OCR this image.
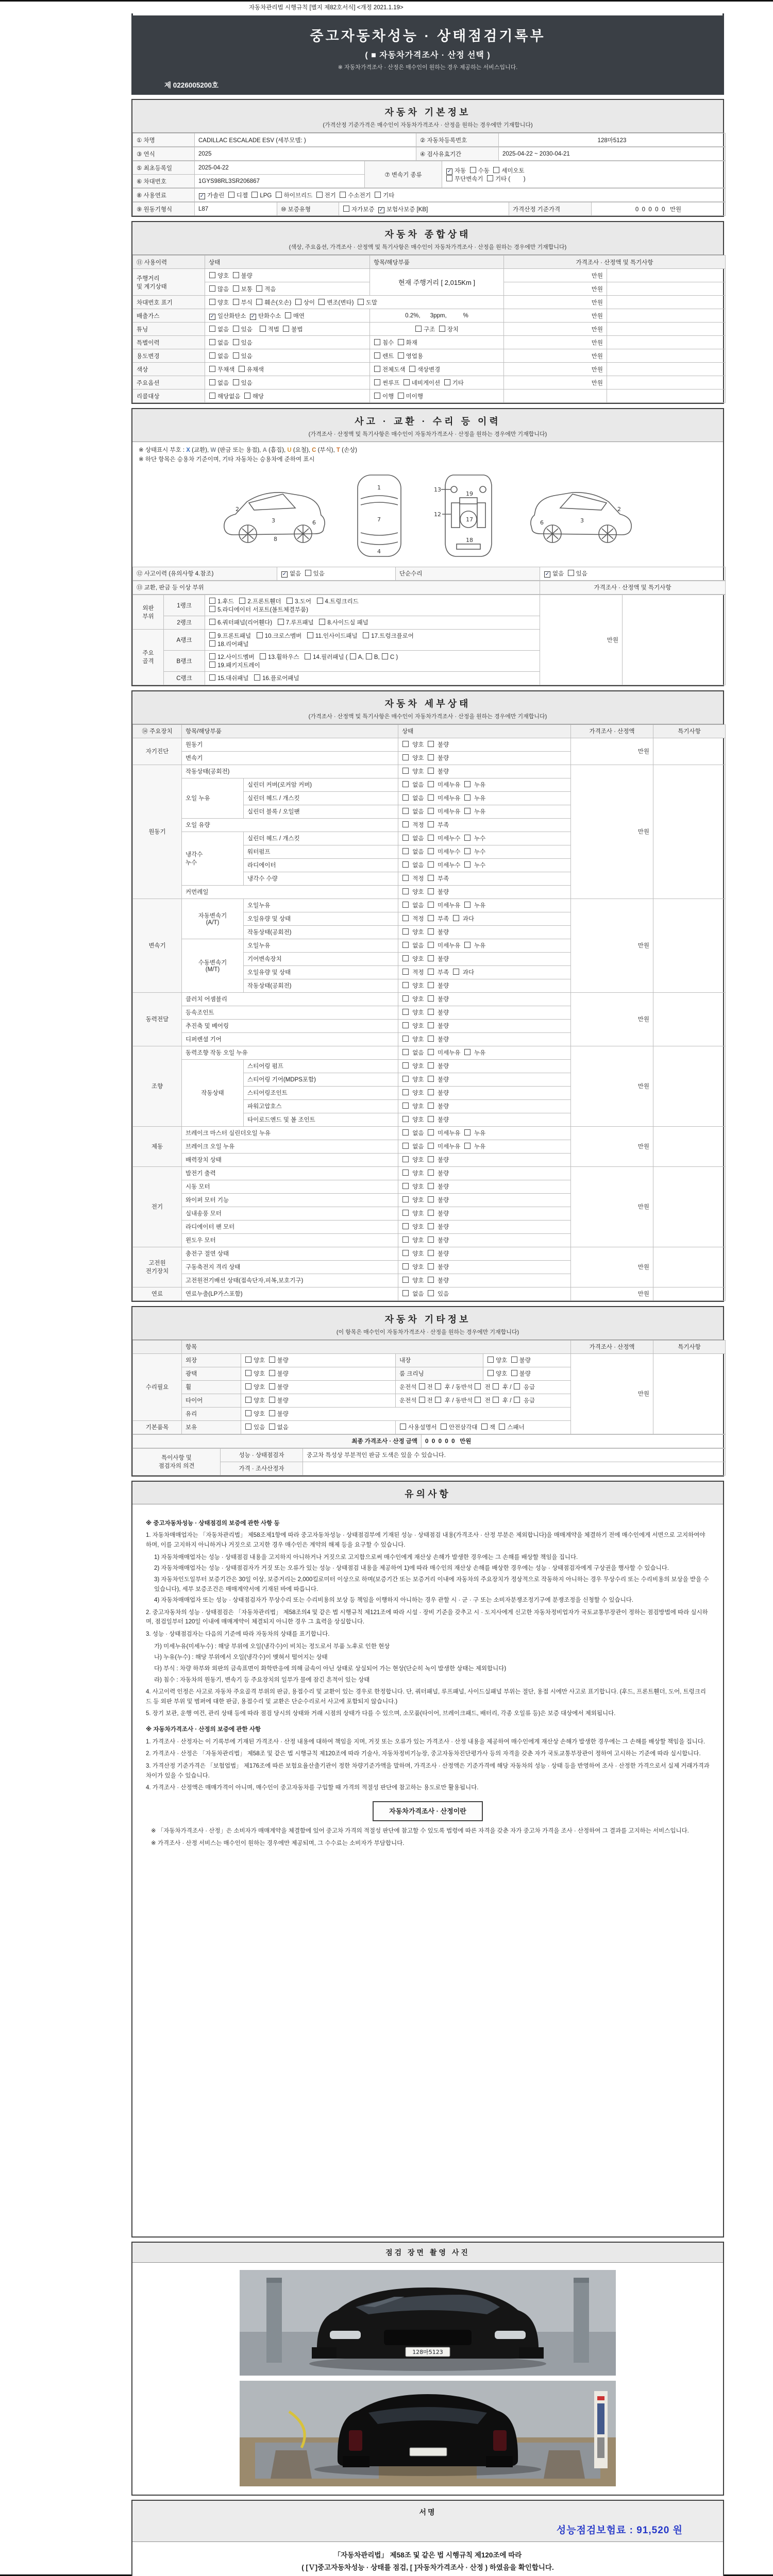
자동차관리법 시행규칙 [별지 제82호서식] <개정 2021.1.19>
중고자동차성능 · 상태점검기록부
( ■ 자동차가격조사 · 산정 선택 )
※ 자동차가격조사 · 산정은 매수인이 원하는 경우 제공하는 서비스입니다.
제 0226005200호
자동차 기본정보
(가격산정 기준가격은 매수인이 자동차가격조사 · 산정을 원하는 경우에만 기재합니다)
① 차명	CADILLAC ESCALADE ESV (세부모델: )	② 자동차등록번호	128마5123
③ 연식	2025	④ 검사유효기간	2025-04-22 ~ 2030-04-21
⑤ 최초등록일	2025-04-22	⑦ 변속기 종류	✓ 자동  수동  세미오토
무단변속기  기타 (        )
⑥ 차대번호	1GYS98RL3SR206867		
⑧ 사용연료	✓ 가솔린  디젤  LPG  하이브리드  전기  수소전기  기타
⑨ 원동기형식	L87	⑩ 보증유형	자가보증  ✓ 보험사보증 [KB]	가격산정 기준가격	0  0  0  0  0   만원
자동차 종합상태
(색상, 주요옵션, 가격조사 · 산정액 및 특기사항은 매수인이 자동차가격조사 · 산정을 원하는 경우에만 기재합니다)
⑪ 사용이력	상태	항목/해당부품	가격조사 · 산정액 및 특기사항	
주행거리
및 계기상태	양호  불량	현재 주행거리 [ 2,015Km ]	만원	
	많음  보통  적음		만원	
차대번호 표기	양호  부식  훼손(오손)  상이  변조(변타)  도말		만원	
배출가스	✓ 일산화탄소  ✓ 탄화수소  매연	0.2%,      3ppm,          %	만원	
튜닝	없음  있음    적법  불법	구조  장치	만원	
특별이력	없음  있음	침수  화재	만원	
용도변경	없음  있음	렌트  영업용	만원	
색상	무채색  유채색	전체도색  색상변경	만원	
주요옵션	없음  있음	썬루프  네비게이션  기타	만원	
리콜대상	해당없음  해당	이행  미이행		
사고 · 교환 · 수리 등 이력
(가격조사 · 산정액 및 특기사항은 매수인이 자동차가격조사 · 산정을 원하는 경우에만 기재합니다)
※ 상태표시 부호 : X (교환), W (판금 또는 용접), A (흠집), U (요철), C (부식), T (손상)
※ 하단 항목은 승용차 기준이며, 기타 자동차는 승용차에 준하여 표시
2
3	6
8
1
7
4
13
12
17
18
19
6	3
2
⑫ 사고이력 (유의사항 4.참조)	✓ 없음  있음	단순수리	✓ 없음  있음
⑬ 교환, 판금 등 이상 부위	가격조사 · 산정액 및 특기사항
외판
부위	1랭크	1.후드   2.프론트휀더   3.도어   4.트렁크리드
5.라디에이터 서포트(볼트체결부품)	만원	
	2랭크	6.쿼터패널(리어휀다)   7.루프패널   8.사이드실 패널		
주요
골격	A랭크	9.프론트패널   10.크로스멤버   11.인사이드패널   17.트렁크플로어
18.리어패널		
	B랭크	12.사이드멤버   13.휠하우스   14.필러패널 ( A, B, C )
19.패키지트레이		
	C랭크	15.대쉬패널   16.플로어패널		
자동차 세부상태
(가격조사 · 산정액 및 특기사항은 매수인이 자동차가격조사 · 산정을 원하는 경우에만 기재합니다)
⑭ 주요장치	항목/해당부품		상태	가격조사 · 산정액	특기사항
자기진단	원동기		양호   불량	만원	
	변속기		양호   불량		
원동기	작동상태(공회전)		양호   불량	만원	
	오일 누유	실린더 커버(로커암 커버)	없음   미세누유   누유		
		실린더 헤드 / 개스킷	없음   미세누유   누유		
		실린더 블록 / 오일팬	없음   미세누유   누유		
	오일 유량		적정   부족		
	냉각수
누수	실린더 헤드 / 개스킷	없음   미세누수   누수		
		워터펌프	없음   미세누수   누수		
		라디에이터	없음   미세누수   누수		
		냉각수 수량	적정   부족		
	커먼레일		양호   불량		
변속기	자동변속기
(A/T)	오일누유	없음   미세누유   누유	만원	
		오일유량 및 상태	적정   부족   과다		
		작동상태(공회전)	양호   불량		
	수동변속기
(M/T)	오일누유	없음   미세누유   누유		
		기어변속장치	양호   불량		
		오일유량 및 상태	적정   부족   과다		
		작동상태(공회전)	양호   불량		
동력전달	클러치 어셈블리		양호   불량	만원	
	등속조인트		양호   불량		
	추진축 및 베어링		양호   불량		
	디퍼렌셜 기어		양호   불량		
조향	동력조향 작동 오일 누유		없음   미세누유   누유	만원	
	작동상태	스티어링 펌프	양호   불량		
		스티어링 기어(MDPS포함)	양호   불량		
		스티어링조인트	양호   불량		
		파워고압호스	양호   불량		
		타이로드엔드 및 볼 조인트	양호   불량		
제동	브레이크 마스터 실린더오일 누유		없음   미세누유   누유	만원	
	브레이크 오일 누유		없음   미세누유   누유		
	배력장치 상태		양호   불량		
전기	발전기 출력		양호   불량	만원	
	시동 모터		양호   불량		
	와이퍼 모터 기능		양호   불량		
	실내송풍 모터		양호   불량		
	라디에이터 팬 모터		양호   불량		
	윈도우 모터		양호   불량		
고전원
전기장치	충전구 절연 상태		양호   불량	만원	
	구동축전지 격리 상태		양호   불량		
	고전원전기배선 상태(접속단자,피복,보호기구)		양호   불량		
연료	연료누출(LP가스포함)		없음   있음	만원	
자동차 기타정보
(이 항목은 매수인이 자동차가격조사 · 산정을 원하는 경우에만 기재합니다)
	항목				가격조사 · 산정액	특기사항
수리필요	외장	양호  불량	내장	양호  불량	만원	
	광택	양호  불량	룸 크리닝	양호  불량		
	휠	양호  불량	운전석 전  후 / 동반석  전  후 /  응급			
	타이어	양호  불량	운전석 전  후 / 동반석  전  후 /  응급			
	유리	양호  불량				
기본품목	보유	있음  없음	사용설명서  안전삼각대  잭  스패너			
최종 가격조사 · 산정 금액	0  0  0  0  0   만원
특이사항 및
점검자의 의견	성능 · 상태점검자	중고차 특성상 부분적인 판금 도색은 있을 수 있습니다.
	가격 · 조사산정자	
유의사항
※ 중고자동차성능 · 상태점검의 보증에 관한 사항 등
1. 자동차매매업자는 「자동차관리법」 제58조제1항에 따라 중고자동차성능 · 상태점검부에 기재된 성능 · 상태점검 내용(가격조사 · 산정 부분은 제외합니다)을 매매계약을 체결하기 전에 매수인에게 서면으로 고지하여야 하며, 이를 고지하지 아니하거나 거짓으로 고지한 경우 매수인은 계약의 해제 등을 요구할 수 있습니다.
1) 자동차매매업자는 성능 · 상태점검 내용을 고지하지 아니하거나 거짓으로 고지함으로써 매수인에게 재산상 손해가 발생한 경우에는 그 손해를 배상할 책임을 집니다.
2) 자동차매매업자는 성능 · 상태점검자가 거짓 또는 오류가 있는 성능 · 상태점검 내용을 제공하여 1)에 따라 매수인의 재산상 손해를 배상한 경우에는 성능 · 상태점검자에게 구상권을 행사할 수 있습니다.
3) 자동차인도일부터 보증기간은 30일 이상, 보증거리는 2,000킬로미터 이상으로 하며(보증기간 또는 보증거리 이내에 자동차의 주요장치가 정상적으로 작동하지 아니하는 경우 무상수리 또는 수리비용의 보상을 받을 수 있습니다), 세부 보증조건은 매매계약서에 기재된 바에 따릅니다.
4) 자동차매매업자 또는 성능 · 상태점검자가 무상수리 또는 수리비용의 보상 등 책임을 이행하지 아니하는 경우 관할 시 · 군 · 구 또는 소비자분쟁조정기구에 분쟁조정을 신청할 수 있습니다.
2. 중고자동차의 성능 · 상태점검은 「자동차관리법」 제58조의4 및 같은 법 시행규칙 제121조에 따라 시설 · 장비 기준을 갖추고 시 · 도지사에게 신고한 자동차정비업자가 국토교통부장관이 정하는 점검방법에 따라 실시하며, 점검일부터 120일 이내에 매매계약이 체결되지 아니한 경우 그 효력을 상실합니다.
3. 성능 · 상태점검자는 다음의 기준에 따라 자동차의 상태를 표기합니다.
가) 미세누유(미세누수) : 해당 부위에 오일(냉각수)이 비치는 정도로서 부품 노후로 인한 현상
나) 누유(누수) : 해당 부위에서 오일(냉각수)이 맺혀서 떨어지는 상태
다) 부식 : 차량 하부와 외판의 금속표면이 화학반응에 의해 금속이 아닌 상태로 상실되어 가는 현상(단순히 녹이 발생한 상태는 제외합니다)
라) 침수 : 자동차의 원동기, 변속기 등 주요장치의 일부가 물에 잠긴 흔적이 있는 상태
4. 사고이력 인정은 사고로 자동차 주요골격 부위의 판금, 용접수리 및 교환이 있는 경우로 한정합니다. 단, 쿼터패널, 루프패널, 사이드실패널 부위는 절단, 용접 시에만 사고로 표기합니다. (후드, 프론트휀더, 도어, 트렁크리드 등 외판 부위 및 범퍼에 대한 판금, 용접수리 및 교환은 단순수리로서 사고에 포함되지 않습니다.)
5. 장기 보관, 운행 여건, 관리 상태 등에 따라 점검 당시의 상태와 거래 시점의 상태가 다를 수 있으며, 소모품(타이어, 브레이크패드, 배터리, 각종 오일류 등)은 보증 대상에서 제외됩니다.
※ 자동차가격조사 · 산정의 보증에 관한 사항
1. 가격조사 · 산정자는 이 기록부에 기재된 가격조사 · 산정 내용에 대하여 책임을 지며, 거짓 또는 오류가 있는 가격조사 · 산정 내용을 제공하여 매수인에게 재산상 손해가 발생한 경우에는 그 손해를 배상할 책임을 집니다.
2. 가격조사 · 산정은 「자동차관리법」 제58조 및 같은 법 시행규칙 제120조에 따라 기술사, 자동차정비기능장, 중고자동차진단평가사 등의 자격을 갖춘 자가 국토교통부장관이 정하여 고시하는 기준에 따라 실시합니다.
3. 가격산정 기준가격은 「보험업법」 제176조에 따른 보험요율산출기관이 정한 차량기준가액을 말하며, 가격조사 · 산정액은 기준가격에 해당 자동차의 성능 · 상태 등을 반영하여 조사 · 산정한 가격으로서 실제 거래가격과 차이가 있을 수 있습니다.
4. 가격조사 · 산정액은 매매가격이 아니며, 매수인이 중고자동차를 구입할 때 가격의 적절성 판단에 참고하는 용도로만 활용됩니다.
자동차가격조사 · 산정이란
※ 「자동차가격조사 · 산정」은 소비자가 매매계약을 체결함에 있어 중고차 가격의 적절성 판단에 참고할 수 있도록 법령에 따른 자격을 갖춘 자가 중고차 가격을 조사 · 산정하여 그 결과를 고지하는 서비스입니다.
※ 가격조사 · 산정 서비스는 매수인이 원하는 경우에만 제공되며, 그 수수료는 소비자가 부담합니다.
점검 장면 촬영 사진
128마5123
서명
성능점검보험료 : 91,520 원
「자동차관리법」 제58조 및 같은 법 시행규칙 제120조에 따라
( [Ｖ]중고자동차성능 · 상태를 점검, [ ]자동차가격조사 · 산정 ) 하였음을 확인합니다.
